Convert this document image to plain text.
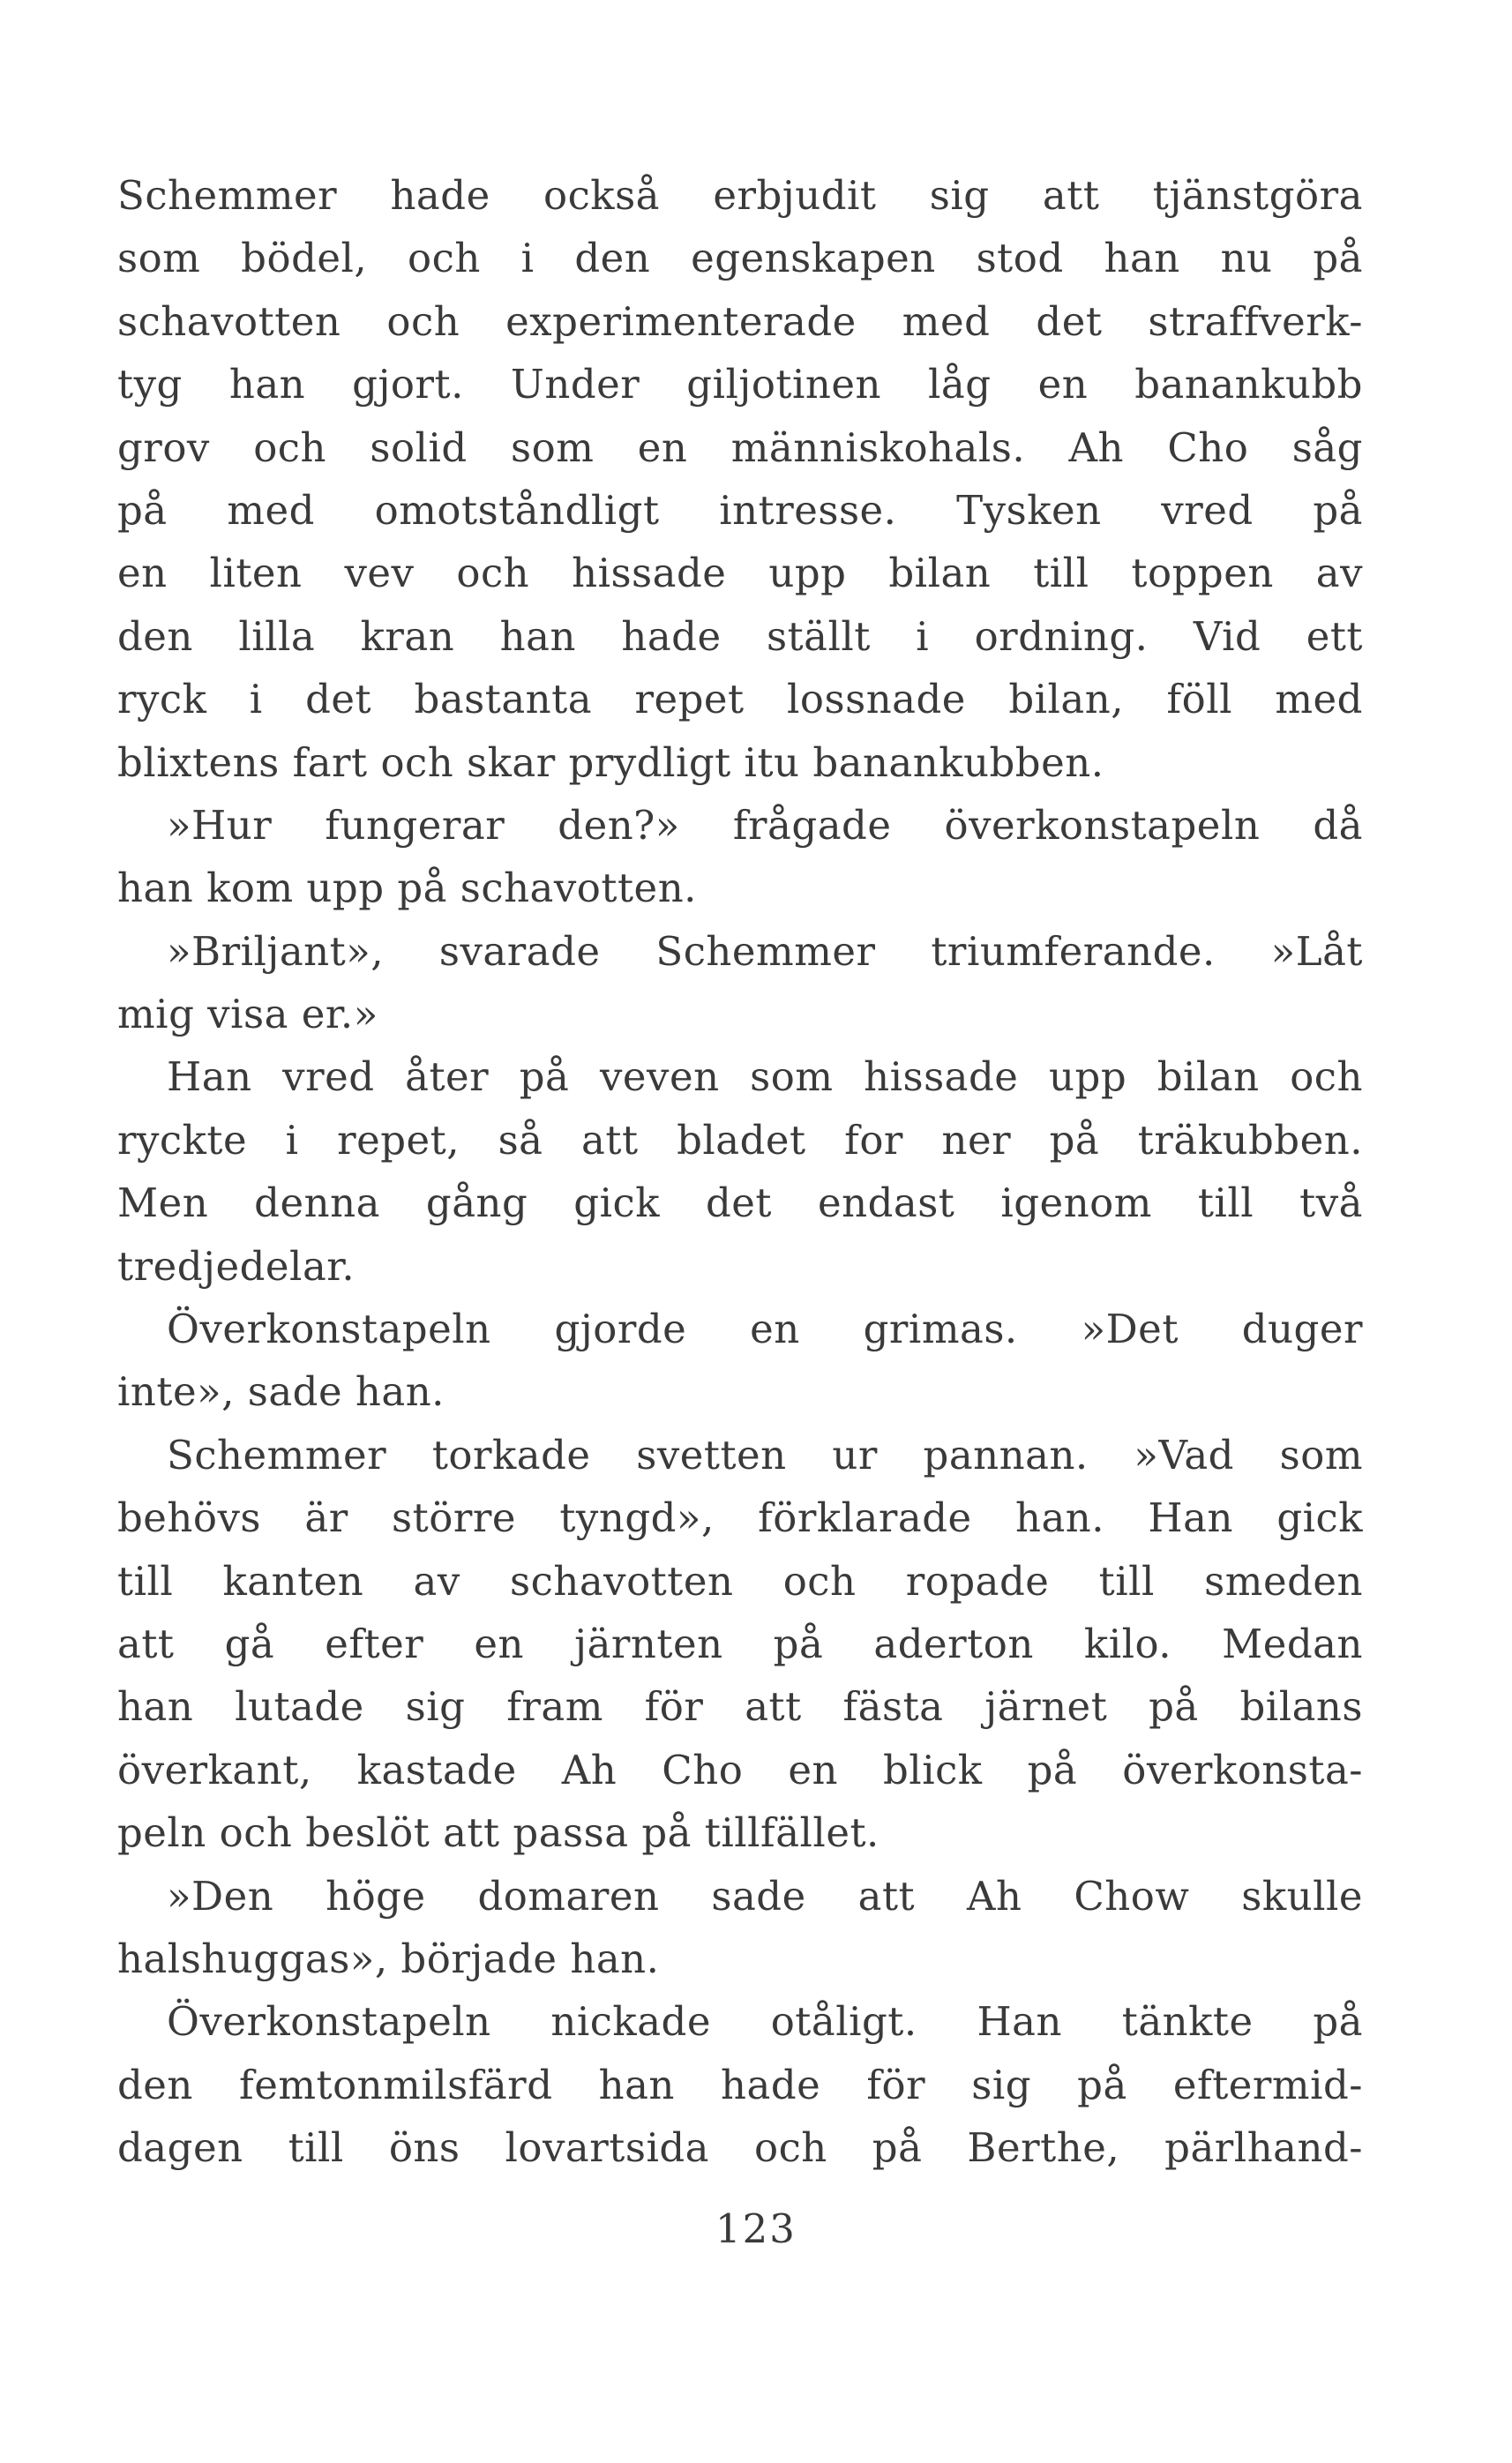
Schemmer hade också erbjudit sig att tjänstgöra
som bödel, och i den egenskapen stod han nu på
schavotten och experimenterade med det straffverk-
tyg han gjort. Under giljotinen låg en banankubb
grov och solid som en människohals. Ah Cho såg
på med omotståndligt intresse. Tysken vred på
en liten vev och hissade upp bilan till toppen av
den lilla kran han hade ställt i ordning. Vid ett
ryck i det bastanta repet lossnade bilan, föll med
blixtens fart och skar prydligt itu banankubben.
»Hur fungerar den?» frågade överkonstapeln då
han kom upp på schavotten.
»Briljant», svarade Schemmer triumferande. »Låt
mig visa er.»
Han vred åter på veven som hissade upp bilan och
ryckte i repet, så att bladet for ner på träkubben.
Men denna gång gick det endast igenom till två
tredjedelar.
Överkonstapeln gjorde en grimas. »Det duger
inte», sade han.
Schemmer torkade svetten ur pannan. »Vad som
behövs är större tyngd», förklarade han. Han gick
till kanten av schavotten och ropade till smeden
att gå efter en järnten på aderton kilo. Medan
han lutade sig fram för att fästa järnet på bilans
överkant, kastade Ah Cho en blick på överkonsta-
peln och beslöt att passa på tillfället.
»Den höge domaren sade att Ah Chow skulle
halshuggas», började han.
Överkonstapeln nickade otåligt. Han tänkte på
den femtonmilsfärd han hade för sig på eftermid-
dagen till öns lovartsida och på Berthe, pärlhand-
123
